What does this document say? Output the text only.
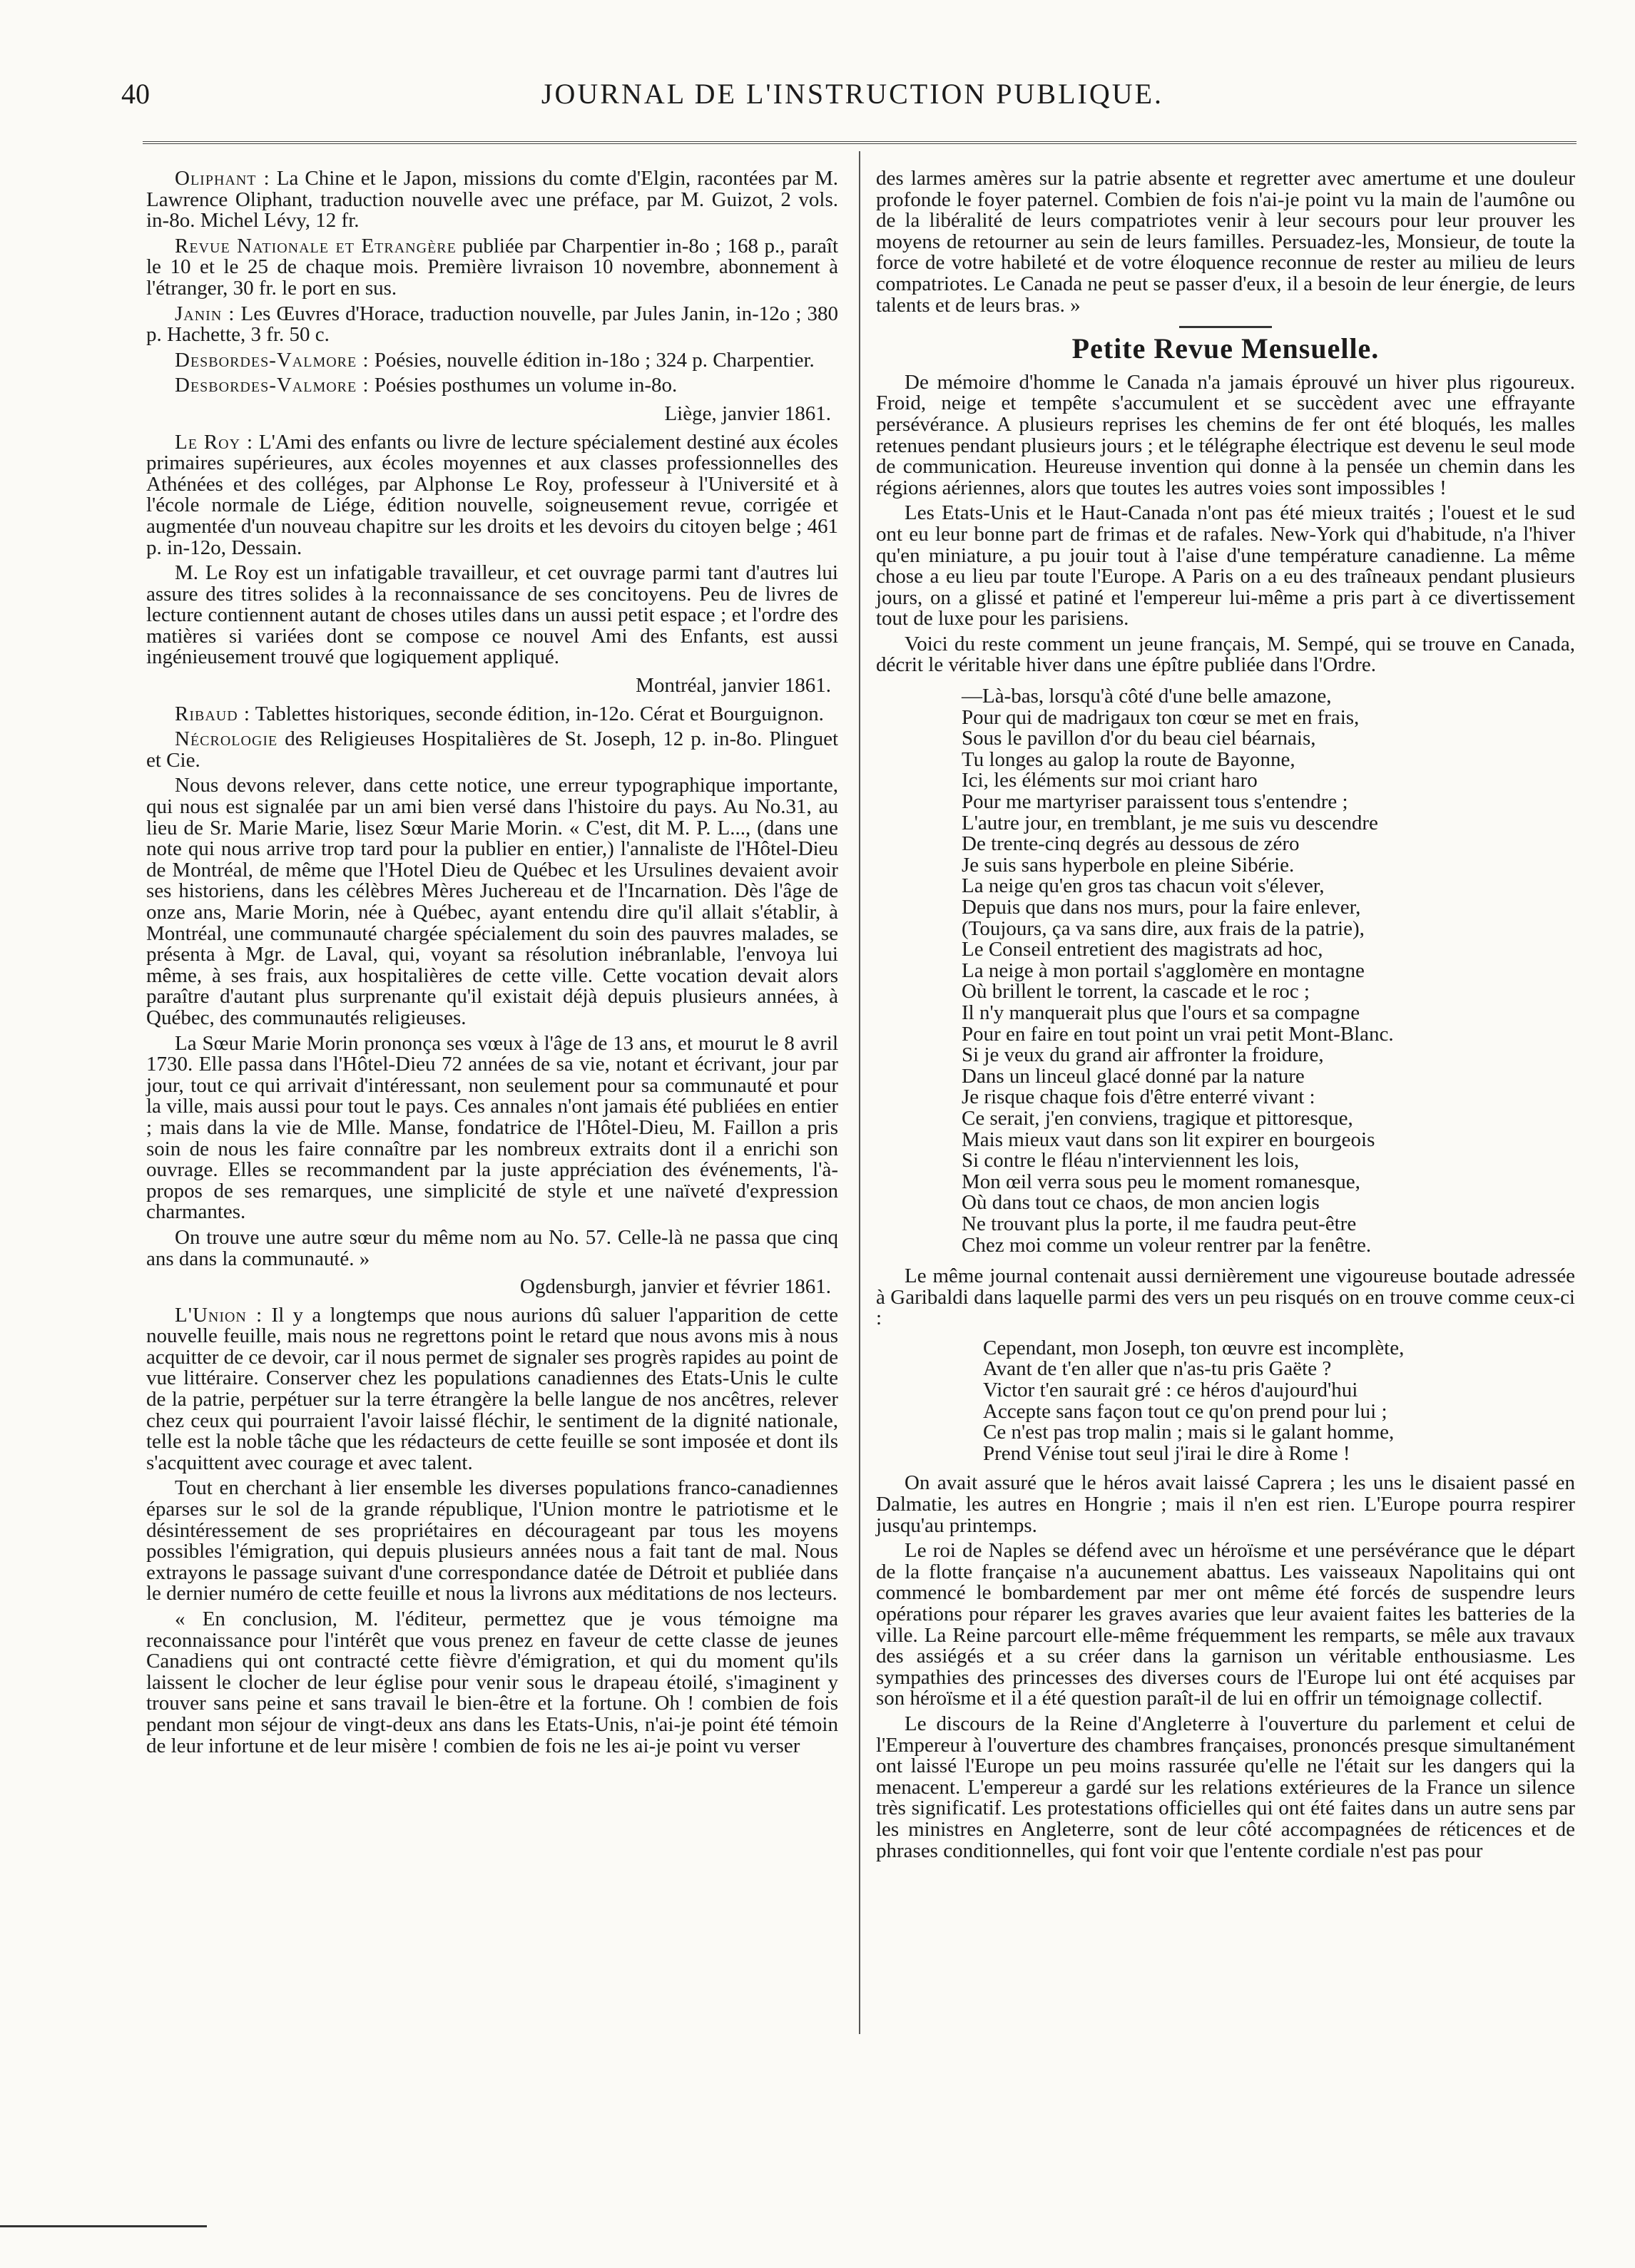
40	JOURNAL DE L'INSTRUCTION PUBLIQUE.

Oliphant : La Chine et le Japon, missions du comte d'Elgin, racontées par M. Lawrence Oliphant, traduction nouvelle avec une préface, par M. Guizot, 2 vols. in-8o. Michel Lévy, 12 fr.

Revue Nationale et Etrangère publiée par Charpentier in-8o ; 168 p., paraît le 10 et le 25 de chaque mois. Première livraison 10 novembre, abonnement à l'étranger, 30 fr. le port en sus.

Janin : Les Œuvres d'Horace, traduction nouvelle, par Jules Janin, in-12o ; 380 p. Hachette, 3 fr. 50 c.

Desbordes-Valmore : Poésies, nouvelle édition in-18o ; 324 p. Charpentier.

Desbordes-Valmore : Poésies posthumes un volume in-8o.

Liège, janvier 1861.

Le Roy : L'Ami des enfants ou livre de lecture spécialement destiné aux écoles primaires supérieures, aux écoles moyennes et aux classes professionnelles des Athénées et des colléges, par Alphonse Le Roy, professeur à l'Université et à l'école normale de Liége, édition nouvelle, soigneusement revue, corrigée et augmentée d'un nouveau chapitre sur les droits et les devoirs du citoyen belge ; 461 p. in-12o, Dessain.

M. Le Roy est un infatigable travailleur, et cet ouvrage parmi tant d'autres lui assure des titres solides à la reconnaissance de ses concitoyens. Peu de livres de lecture contiennent autant de choses utiles dans un aussi petit espace ; et l'ordre des matières si variées dont se compose ce nouvel Ami des Enfants, est aussi ingénieusement trouvé que logiquement appliqué.

Montréal, janvier 1861.

Ribaud : Tablettes historiques, seconde édition, in-12o. Cérat et Bourguignon.

Nécrologie des Religieuses Hospitalières de St. Joseph, 12 p. in-8o. Plinguet et Cie.

Nous devons relever, dans cette notice, une erreur typographique importante, qui nous est signalée par un ami bien versé dans l'histoire du pays. Au No.31, au lieu de Sr. Marie Marie, lisez Sœur Marie Morin. « C'est, dit M. P. L..., (dans une note qui nous arrive trop tard pour la publier en entier,) l'annaliste de l'Hôtel-Dieu de Montréal, de même que l'Hotel Dieu de Québec et les Ursulines devaient avoir ses historiens, dans les célèbres Mères Juchereau et de l'Incarnation. Dès l'âge de onze ans, Marie Morin, née à Québec, ayant entendu dire qu'il allait s'établir, à Montréal, une communauté chargée spécialement du soin des pauvres malades, se présenta à Mgr. de Laval, qui, voyant sa résolution inébranlable, l'envoya lui même, à ses frais, aux hospitalières de cette ville. Cette vocation devait alors paraître d'autant plus surprenante qu'il existait déjà depuis plusieurs années, à Québec, des communautés religieuses.

La Sœur Marie Morin prononça ses vœux à l'âge de 13 ans, et mourut le 8 avril 1730. Elle passa dans l'Hôtel-Dieu 72 années de sa vie, notant et écrivant, jour par jour, tout ce qui arrivait d'intéressant, non seulement pour sa communauté et pour la ville, mais aussi pour tout le pays. Ces annales n'ont jamais été publiées en entier ; mais dans la vie de Mlle. Manse, fondatrice de l'Hôtel-Dieu, M. Faillon a pris soin de nous les faire connaître par les nombreux extraits dont il a enrichi son ouvrage. Elles se recommandent par la juste appréciation des événements, l'à-propos de ses remarques, une simplicité de style et une naïveté d'expression charmantes.

On trouve une autre sœur du même nom au No. 57. Celle-là ne passa que cinq ans dans la communauté. »

Ogdensburgh, janvier et février 1861.

L'Union : Il y a longtemps que nous aurions dû saluer l'apparition de cette nouvelle feuille, mais nous ne regrettons point le retard que nous avons mis à nous acquitter de ce devoir, car il nous permet de signaler ses progrès rapides au point de vue littéraire. Conserver chez les populations canadiennes des Etats-Unis le culte de la patrie, perpétuer sur la terre étrangère la belle langue de nos ancêtres, relever chez ceux qui pourraient l'avoir laissé fléchir, le sentiment de la dignité nationale, telle est la noble tâche que les rédacteurs de cette feuille se sont imposée et dont ils s'acquittent avec courage et avec talent.

Tout en cherchant à lier ensemble les diverses populations franco-canadiennes éparses sur le sol de la grande république, l'Union montre le patriotisme et le désintéressement de ses propriétaires en décourageant par tous les moyens possibles l'émigration, qui depuis plusieurs années nous a fait tant de mal. Nous extrayons le passage suivant d'une correspondance datée de Détroit et publiée dans le dernier numéro de cette feuille et nous la livrons aux méditations de nos lecteurs.

« En conclusion, M. l'éditeur, permettez que je vous témoigne ma reconnaissance pour l'intérêt que vous prenez en faveur de cette classe de jeunes Canadiens qui ont contracté cette fièvre d'émigration, et qui du moment qu'ils laissent le clocher de leur église pour venir sous le drapeau étoilé, s'imaginent y trouver sans peine et sans travail le bien-être et la fortune. Oh ! combien de fois pendant mon séjour de vingt-deux ans dans les Etats-Unis, n'ai-je point été témoin de leur infortune et de leur misère ! combien de fois ne les ai-je point vu verser

des larmes amères sur la patrie absente et regretter avec amertume et une douleur profonde le foyer paternel. Combien de fois n'ai-je point vu la main de l'aumône ou de la libéralité de leurs compatriotes venir à leur secours pour leur prouver les moyens de retourner au sein de leurs familles. Persuadez-les, Monsieur, de toute la force de votre habileté et de votre éloquence reconnue de rester au milieu de leurs compatriotes. Le Canada ne peut se passer d'eux, il a besoin de leur énergie, de leurs talents et de leurs bras. »

Petite Revue Mensuelle.

De mémoire d'homme le Canada n'a jamais éprouvé un hiver plus rigoureux. Froid, neige et tempête s'accumulent et se succèdent avec une effrayante persévérance. A plusieurs reprises les chemins de fer ont été bloqués, les malles retenues pendant plusieurs jours ; et le télégraphe électrique est devenu le seul mode de communication. Heureuse invention qui donne à la pensée un chemin dans les régions aériennes, alors que toutes les autres voies sont impossibles !

Les Etats-Unis et le Haut-Canada n'ont pas été mieux traités ; l'ouest et le sud ont eu leur bonne part de frimas et de rafales. New-York qui d'habitude, n'a l'hiver qu'en miniature, a pu jouir tout à l'aise d'une température canadienne. La même chose a eu lieu par toute l'Europe. A Paris on a eu des traîneaux pendant plusieurs jours, on a glissé et patiné et l'empereur lui-même a pris part à ce divertissement tout de luxe pour les parisiens.

Voici du reste comment un jeune français, M. Sempé, qui se trouve en Canada, décrit le véritable hiver dans une épître publiée dans l'Ordre.

—Là-bas, lorsqu'à côté d'une belle amazone,
Pour qui de madrigaux ton cœur se met en frais,
Sous le pavillon d'or du beau ciel béarnais,
Tu longes au galop la route de Bayonne,
Ici, les éléments sur moi criant haro
Pour me martyriser paraissent tous s'entendre ;
L'autre jour, en tremblant, je me suis vu descendre
De trente-cinq degrés au dessous de zéro
Je suis sans hyperbole en pleine Sibérie.
La neige qu'en gros tas chacun voit s'élever,
Depuis que dans nos murs, pour la faire enlever,
(Toujours, ça va sans dire, aux frais de la patrie),
Le Conseil entretient des magistrats ad hoc,
La neige à mon portail s'agglomère en montagne
Où brillent le torrent, la cascade et le roc ;
Il n'y manquerait plus que l'ours et sa compagne
Pour en faire en tout point un vrai petit Mont-Blanc.
Si je veux du grand air affronter la froidure,
Dans un linceul glacé donné par la nature
Je risque chaque fois d'être enterré vivant :
Ce serait, j'en conviens, tragique et pittoresque,
Mais mieux vaut dans son lit expirer en bourgeois
Si contre le fléau n'interviennent les lois,
Mon œil verra sous peu le moment romanesque,
Où dans tout ce chaos, de mon ancien logis
Ne trouvant plus la porte, il me faudra peut-être
Chez moi comme un voleur rentrer par la fenêtre.

Le même journal contenait aussi dernièrement une vigoureuse boutade adressée à Garibaldi dans laquelle parmi des vers un peu risqués on en trouve comme ceux-ci :

Cependant, mon Joseph, ton œuvre est incomplète,
Avant de t'en aller que n'as-tu pris Gaëte ?
Victor t'en saurait gré : ce héros d'aujourd'hui
Accepte sans façon tout ce qu'on prend pour lui ;
Ce n'est pas trop malin ; mais si le galant homme,
Prend Vénise tout seul j'irai le dire à Rome !

On avait assuré que le héros avait laissé Caprera ; les uns le disaient passé en Dalmatie, les autres en Hongrie ; mais il n'en est rien. L'Europe pourra respirer jusqu'au printemps.

Le roi de Naples se défend avec un héroïsme et une persévérance que le départ de la flotte française n'a aucunement abattus. Les vaisseaux Napolitains qui ont commencé le bombardement par mer ont même été forcés de suspendre leurs opérations pour réparer les graves avaries que leur avaient faites les batteries de la ville. La Reine parcourt elle-même fréquemment les remparts, se mêle aux travaux des assiégés et a su créer dans la garnison un véritable enthousiasme. Les sympathies des princesses des diverses cours de l'Europe lui ont été acquises par son héroïsme et il a été question paraît-il de lui en offrir un témoignage collectif.

Le discours de la Reine d'Angleterre à l'ouverture du parlement et celui de l'Empereur à l'ouverture des chambres françaises, prononcés presque simultanément ont laissé l'Europe un peu moins rassurée qu'elle ne l'était sur les dangers qui la menacent. L'empereur a gardé sur les relations extérieures de la France un silence très significatif. Les protestations officielles qui ont été faites dans un autre sens par les ministres en Angleterre, sont de leur côté accompagnées de réticences et de phrases conditionnelles, qui font voir que l'entente cordiale n'est pas pour
